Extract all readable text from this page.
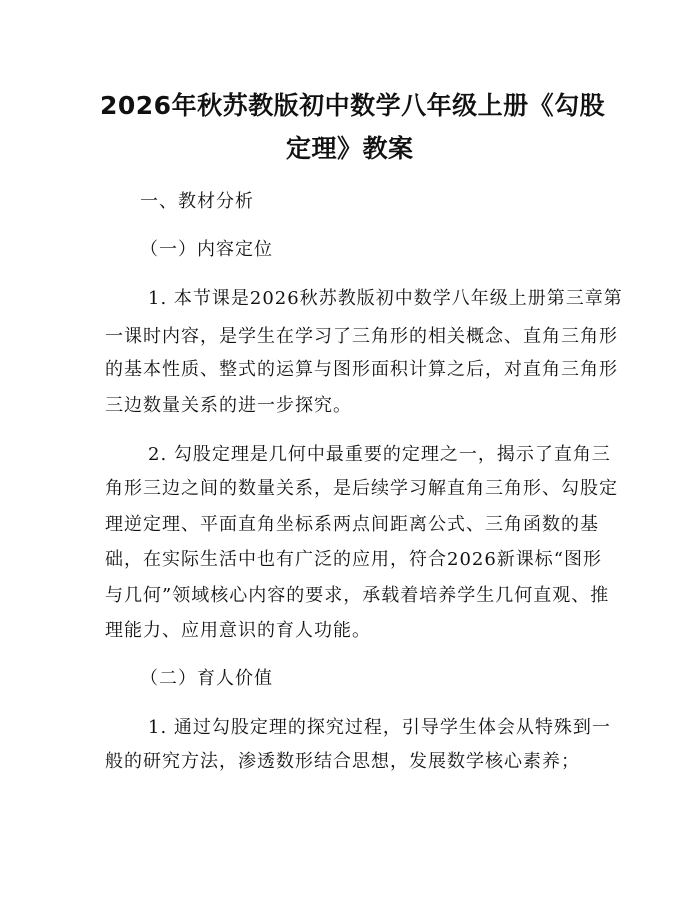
2026年秋苏教版初中数学八年级上册《勾股
定理》教案
一、教材分析
（一）内容定位
1. 本节课是2026秋苏教版初中数学八年级上册第三章第
一课时内容，是学生在学习了三角形的相关概念、直角三角形
的基本性质、整式的运算与图形面积计算之后，对直角三角形
三边数量关系的进一步探究。
2. 勾股定理是几何中最重要的定理之一，揭示了直角三
角形三边之间的数量关系，是后续学习解直角三角形、勾股定
理逆定理、平面直角坐标系两点间距离公式、三角函数的基
础，在实际生活中也有广泛的应用，符合2026新课标“图形
与几何”领域核心内容的要求，承载着培养学生几何直观、推
理能力、应用意识的育人功能。
（二）育人价值
1. 通过勾股定理的探究过程，引导学生体会从特殊到一
般的研究方法，渗透数形结合思想，发展数学核心素养；
